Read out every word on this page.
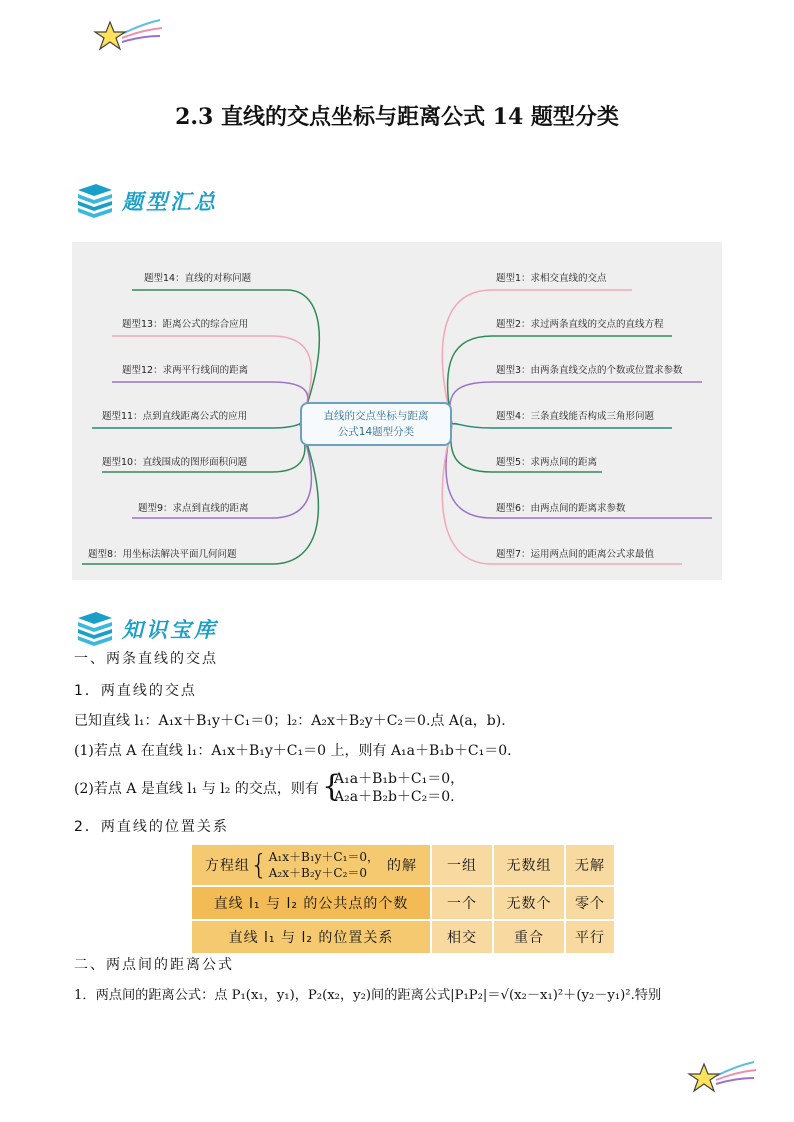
2.3 直线的交点坐标与距离公式 14 题型分类
题型汇总
直线的交点坐标与距离
公式14题型分类
题型14：直线的对称问题
题型13：距离公式的综合应用
题型12：求两平行线间的距离
题型11：点到直线距离公式的应用
题型10：直线围成的图形面积问题
题型9：求点到直线的距离
题型8：用坐标法解决平面几何问题
题型1：求相交直线的交点
题型2：求过两条直线的交点的直线方程
题型3：由两条直线交点的个数或位置求参数
题型4：三条直线能否构成三角形问题
题型5：求两点间的距离
题型6：由两点间的距离求参数
题型7：运用两点间的距离公式求最值
知识宝库
一、两条直线的交点
1．两直线的交点
已知直线 l₁：A₁x＋B₁y＋C₁＝0；l₂：A₂x＋B₂y＋C₂＝0.点 A(a，b).
(1)若点 A 在直线 l₁：A₁x＋B₁y＋C₁＝0 上，则有 A₁a＋B₁b＋C₁＝0.
(2)若点 A 是直线 l₁ 与 l₂ 的交点，则有 {
A₁a＋B₁b＋C₁＝0，
A₂a＋B₂b＋C₂＝0.
2．两直线的位置关系
方程组 { A₁x＋B₁y＋C₁＝0，
A₂x＋B₂y＋C₂＝0 的解	一组	无数组	无解
直线 l₁ 与 l₂ 的公共点的个数	一个	无数个	零个
直线 l₁ 与 l₂ 的位置关系	相交	重合	平行
二、两点间的距离公式
1．两点间的距离公式：点 P₁(x₁，y₁)，P₂(x₂，y₂)间的距离公式|P₁P₂|＝√(x₂－x₁)²＋(y₂－y₁)².特别
